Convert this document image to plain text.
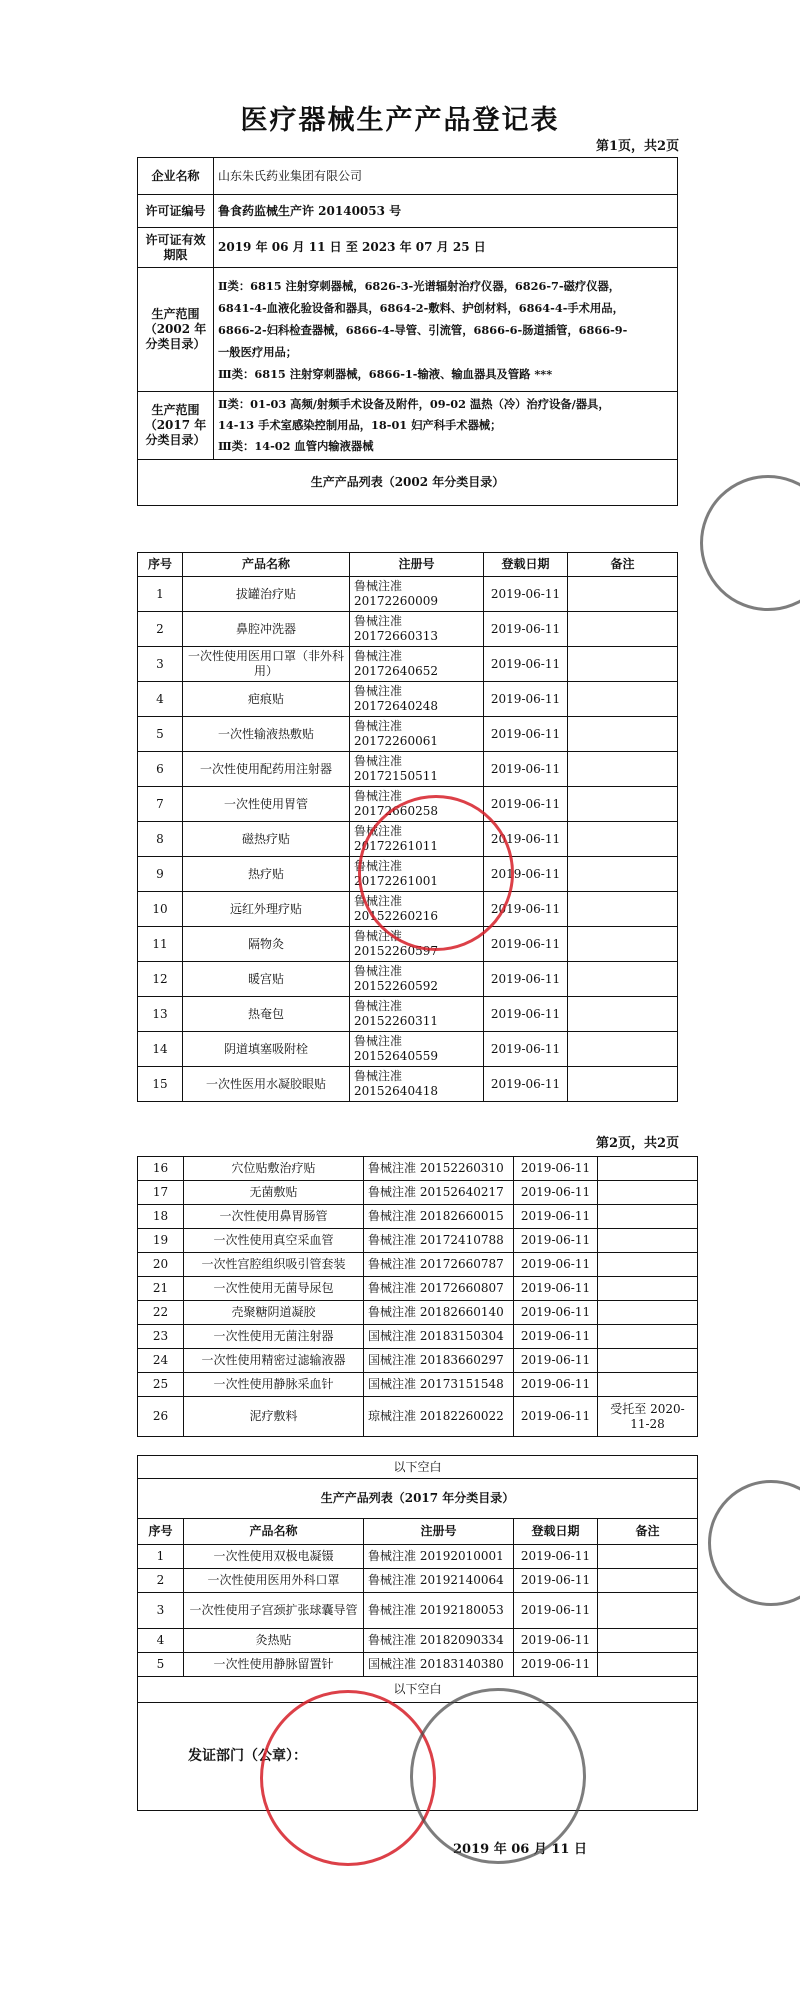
医疗器械生产产品登记表
第1页，共2页
企业名称	山东朱氏药业集团有限公司
许可证编号	鲁食药监械生产许 20140053 号
许可证有效期限	2019 年 06 月 11 日 至 2023 年 07 月 25 日
生产范围（2002 年分类目录）	Ⅱ类：6815 注射穿刺器械，6826-3-光谱辐射治疗仪器，6826-7-磁疗仪器，
6841-4-血液化验设备和器具，6864-2-敷料、护创材料，6864-4-手术用品，
6866-2-妇科检查器械，6866-4-导管、引流管，6866-6-肠道插管，6866-9-
一般医疗用品；
Ⅲ类：6815 注射穿刺器械，6866-1-输液、输血器具及管路 ***

生产范围（2017 年分类目录）	Ⅱ类：01-03 高频/射频手术设备及附件，09-02 温热（冷）治疗设备/器具，
14-13 手术室感染控制用品，18-01 妇产科手术器械；
Ⅲ类：14-02 血管内输液器械

生产产品列表（2002 年分类目录）	
序号	产品名称	注册号	登载日期	备注
1	拔罐治疗贴	鲁械注准 20172260009	2019-06-11	
2	鼻腔冲洗器	鲁械注准 20172660313	2019-06-11	
3	一次性使用医用口罩（非外科用）	鲁械注准 20172640652	2019-06-11	
4	疤痕贴	鲁械注准 20172640248	2019-06-11	
5	一次性输液热敷贴	鲁械注准 20172260061	2019-06-11	
6	一次性使用配药用注射器	鲁械注准 20172150511	2019-06-11	
7	一次性使用胃管	鲁械注准 20172660258	2019-06-11	
8	磁热疗贴	鲁械注准 20172261011	2019-06-11	
9	热疗贴	鲁械注准 20172261001	2019-06-11	
10	远红外理疗贴	鲁械注准 20152260216	2019-06-11	
11	隔物灸	鲁械注准 20152260597	2019-06-11	
12	暖宫贴	鲁械注准 20152260592	2019-06-11	
13	热奄包	鲁械注准 20152260311	2019-06-11	
14	阴道填塞吸附栓	鲁械注准 20152640559	2019-06-11	
15	一次性医用水凝胶眼贴	鲁械注准 20152640418	2019-06-11	
第2页，共2页
16	穴位贴敷治疗贴	鲁械注准 20152260310	2019-06-11	
17	无菌敷贴	鲁械注准 20152640217	2019-06-11	
18	一次性使用鼻胃肠管	鲁械注准 20182660015	2019-06-11	
19	一次性使用真空采血管	鲁械注准 20172410788	2019-06-11	
20	一次性宫腔组织吸引管套装	鲁械注准 20172660787	2019-06-11	
21	一次性使用无菌导尿包	鲁械注准 20172660807	2019-06-11	
22	壳聚糖阴道凝胶	鲁械注准 20182660140	2019-06-11	
23	一次性使用无菌注射器	国械注准 20183150304	2019-06-11	
24	一次性使用精密过滤输液器	国械注准 20183660297	2019-06-11	
25	一次性使用静脉采血针	国械注准 20173151548	2019-06-11	
26	泥疗敷料	琼械注准 20182260022	2019-06-11	受托至 2020-11-28
以下空白				
生产产品列表（2017 年分类目录）				
序号	产品名称	注册号	登载日期	备注
1	一次性使用双极电凝镊	鲁械注准 20192010001	2019-06-11	
2	一次性使用医用外科口罩	鲁械注准 20192140064	2019-06-11	
3	一次性使用子宫颈扩张球囊导管	鲁械注准 20192180053	2019-06-11	
4	灸热贴	鲁械注准 20182090334	2019-06-11	
5	一次性使用静脉留置针	国械注准 20183140380	2019-06-11	
以下空白				
发证部门（公章）：				
2019 年 06 月 11 日
